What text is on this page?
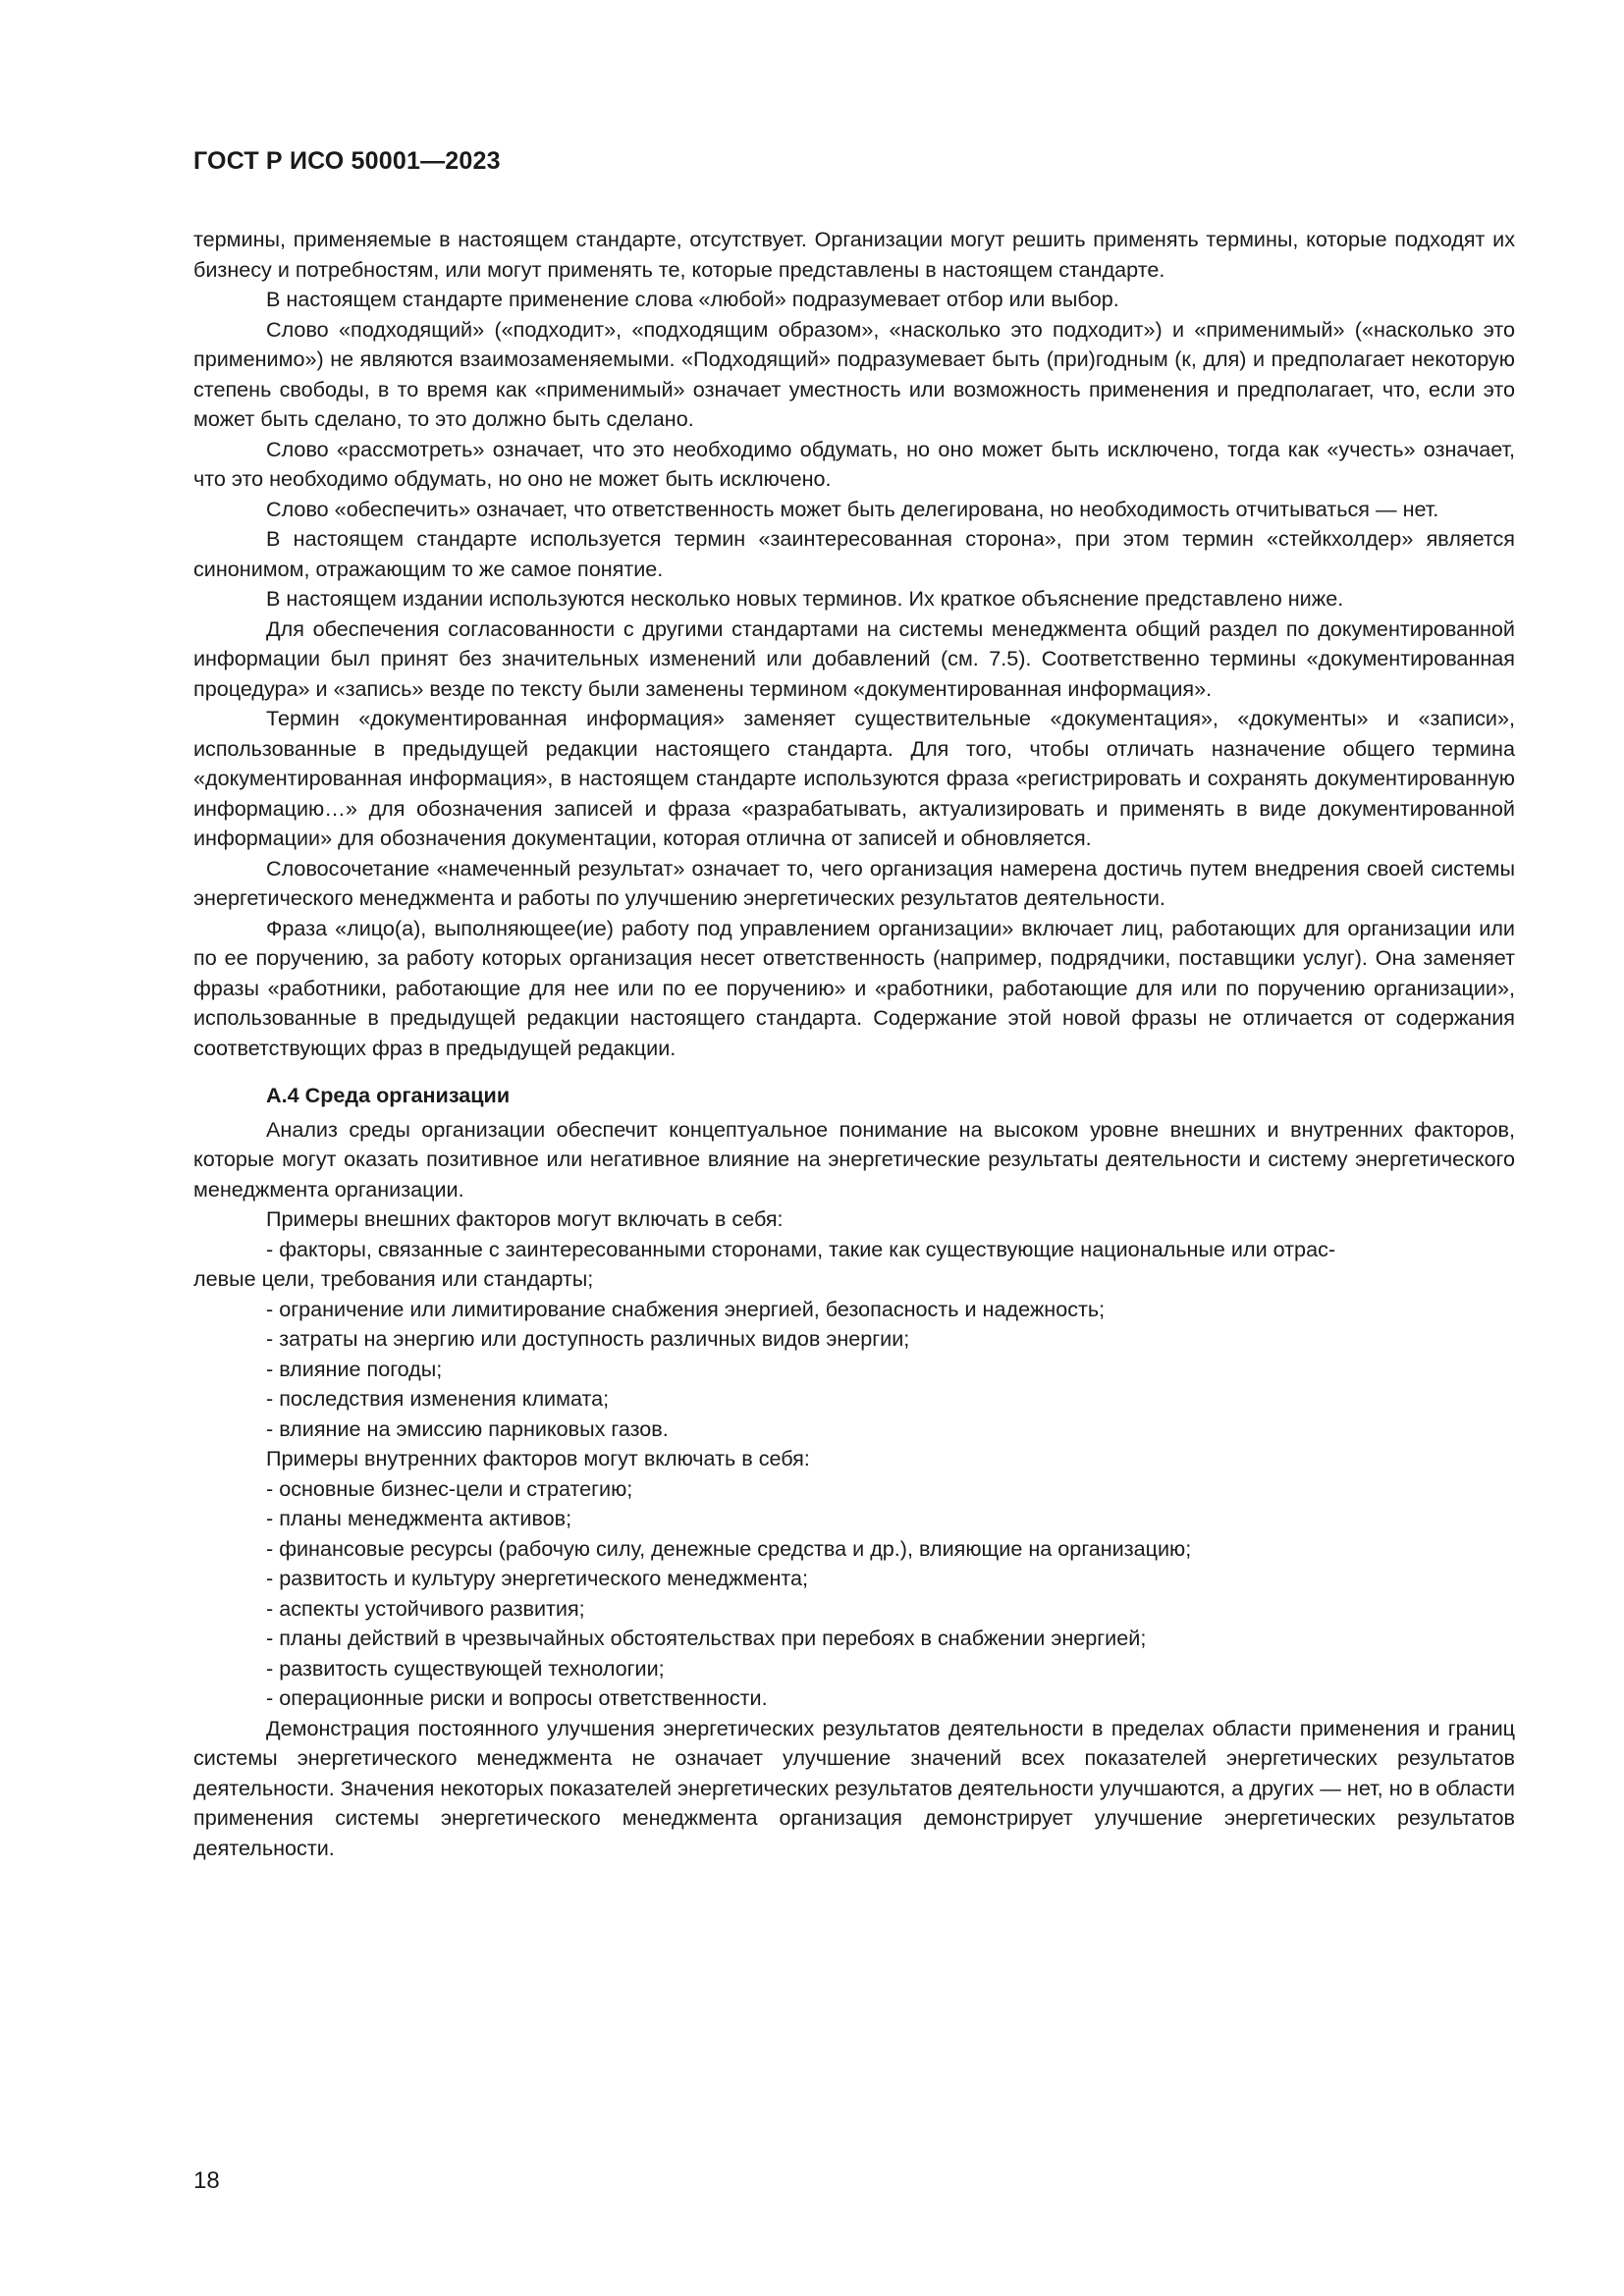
ГОСТ Р ИСО 50001—2023

термины, применяемые в настоящем стандарте, отсутствует. Организации могут решить применять термины, которые подходят их бизнесу и потребностям, или могут применять те, которые представлены в настоящем стандарте.

В настоящем стандарте применение слова «любой» подразумевает отбор или выбор.

Слово «подходящий» («подходит», «подходящим образом», «насколько это подходит») и «применимый» («насколько это применимо») не являются взаимозаменяемыми. «Подходящий» подразумевает быть (при)годным (к, для) и предполагает некоторую степень свободы, в то время как «применимый» означает уместность или возможность применения и предполагает, что, если это может быть сделано, то это должно быть сделано.

Слово «рассмотреть» означает, что это необходимо обдумать, но оно может быть исключено, тогда как «учесть» означает, что это необходимо обдумать, но оно не может быть исключено.

Слово «обеспечить» означает, что ответственность может быть делегирована, но необходимость отчитываться — нет.

В настоящем стандарте используется термин «заинтересованная сторона», при этом термин «стейкхолдер» является синонимом, отражающим то же самое понятие.

В настоящем издании используются несколько новых терминов. Их краткое объяснение представлено ниже.

Для обеспечения согласованности с другими стандартами на системы менеджмента общий раздел по документированной информации был принят без значительных изменений или добавлений (см. 7.5). Соответственно термины «документированная процедура» и «запись» везде по тексту были заменены термином «документированная информация».

Термин «документированная информация» заменяет существительные «документация», «документы» и «записи», использованные в предыдущей редакции настоящего стандарта. Для того, чтобы отличать назначение общего термина «документированная информация», в настоящем стандарте используются фраза «регистрировать и сохранять документированную информацию…» для обозначения записей и фраза «разрабатывать, актуализировать и применять в виде документированной информации» для обозначения документации, которая отлична от записей и обновляется.

Словосочетание «намеченный результат» означает то, чего организация намерена достичь путем внедрения своей системы энергетического менеджмента и работы по улучшению энергетических результатов деятельности.

Фраза «лицо(а), выполняющее(ие) работу под управлением организации» включает лиц, работающих для организации или по ее поручению, за работу которых организация несет ответственность (например, подрядчики, поставщики услуг). Она заменяет фразы «работники, работающие для нее или по ее поручению» и «работники, работающие для или по поручению организации», использованные в предыдущей редакции настоящего стандарта. Содержание этой новой фразы не отличается от содержания соответствующих фраз в предыдущей редакции.

А.4 Среда организации

Анализ среды организации обеспечит концептуальное понимание на высоком уровне внешних и внутренних факторов, которые могут оказать позитивное или негативное влияние на энергетические результаты деятельности и систему энергетического менеджмента организации.

Примеры внешних факторов могут включать в себя:

- факторы, связанные с заинтересованными сторонами, такие как существующие национальные или отрас-

левые цели, требования или стандарты;

- ограничение или лимитирование снабжения энергией, безопасность и надежность;
- затраты на энергию или доступность различных видов энергии;
- влияние погоды;
- последствия изменения климата;
- влияние на эмиссию парниковых газов.

Примеры внутренних факторов могут включать в себя:

- основные бизнес-цели и стратегию;
- планы менеджмента активов;
- финансовые ресурсы (рабочую силу, денежные средства и др.), влияющие на организацию;
- развитость и культуру энергетического менеджмента;
- аспекты устойчивого развития;
- планы действий в чрезвычайных обстоятельствах при перебоях в снабжении энергией;
- развитость существующей технологии;
- операционные риски и вопросы ответственности.

Демонстрация постоянного улучшения энергетических результатов деятельности в пределах области применения и границ системы энергетического менеджмента не означает улучшение значений всех показателей энергетических результатов деятельности. Значения некоторых показателей энергетических результатов деятельности улучшаются, а других — нет, но в области применения системы энергетического менеджмента организация демонстрирует улучшение энергетических результатов деятельности.

18
